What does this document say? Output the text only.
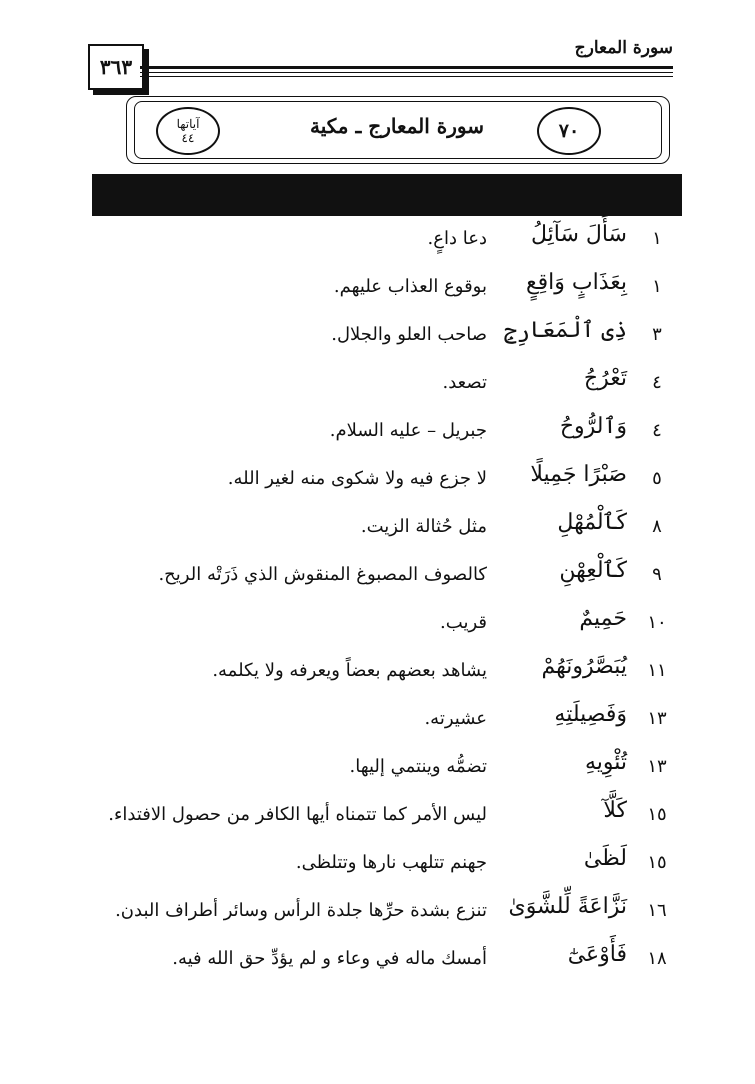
٣٦٣
سورة المعارج
٧٠
سورة المعارج ـ مكية
آياتها
٤٤
١
سَأَلَ سَآئِلُ
دعا داعٍ.
١
بِعَذَابٍ وَاقِعٍ
بوقوع العذاب عليهم.
٣
ذِى ٱلْمَعَارِجِ
صاحب العلو والجلال.
٤
تَعْرُجُ
تصعد.
٤
وَٱلرُّوحُ
جبريل – عليه السلام.
٥
صَبْرًا جَمِيلًا
لا جزع فيه ولا شكوى منه لغير الله.
٨
كَٱلْمُهْلِ
مثل حُثالة الزيت.
٩
كَٱلْعِهْنِ
كالصوف المصبوغ المنقوش الذي ذَرَتْه الريح.
١٠
حَمِيمٌ
قريب.
١١
يُبَصَّرُونَهُمْ
يشاهد بعضهم بعضاً ويعرفه ولا يكلمه.
١٣
وَفَصِيلَتِهِ
عشيرته.
١٣
تُئْوِيهِ
تضمُّه وينتمي إليها.
١٥
كَلَّآ
ليس الأمر كما تتمناه أيها الكافر من حصول الافتداء.
١٥
لَظَىٰ
جهنم تتلهب نارها وتتلظى.
١٦
نَزَّاعَةً لِّلشَّوَىٰ
تنزع بشدة حرِّها جلدة الرأس وسائر أطراف البدن.
١٨
فَأَوْعَىٰٓ
أمسك ماله في وعاء و لم يؤدِّ حق الله فيه.
